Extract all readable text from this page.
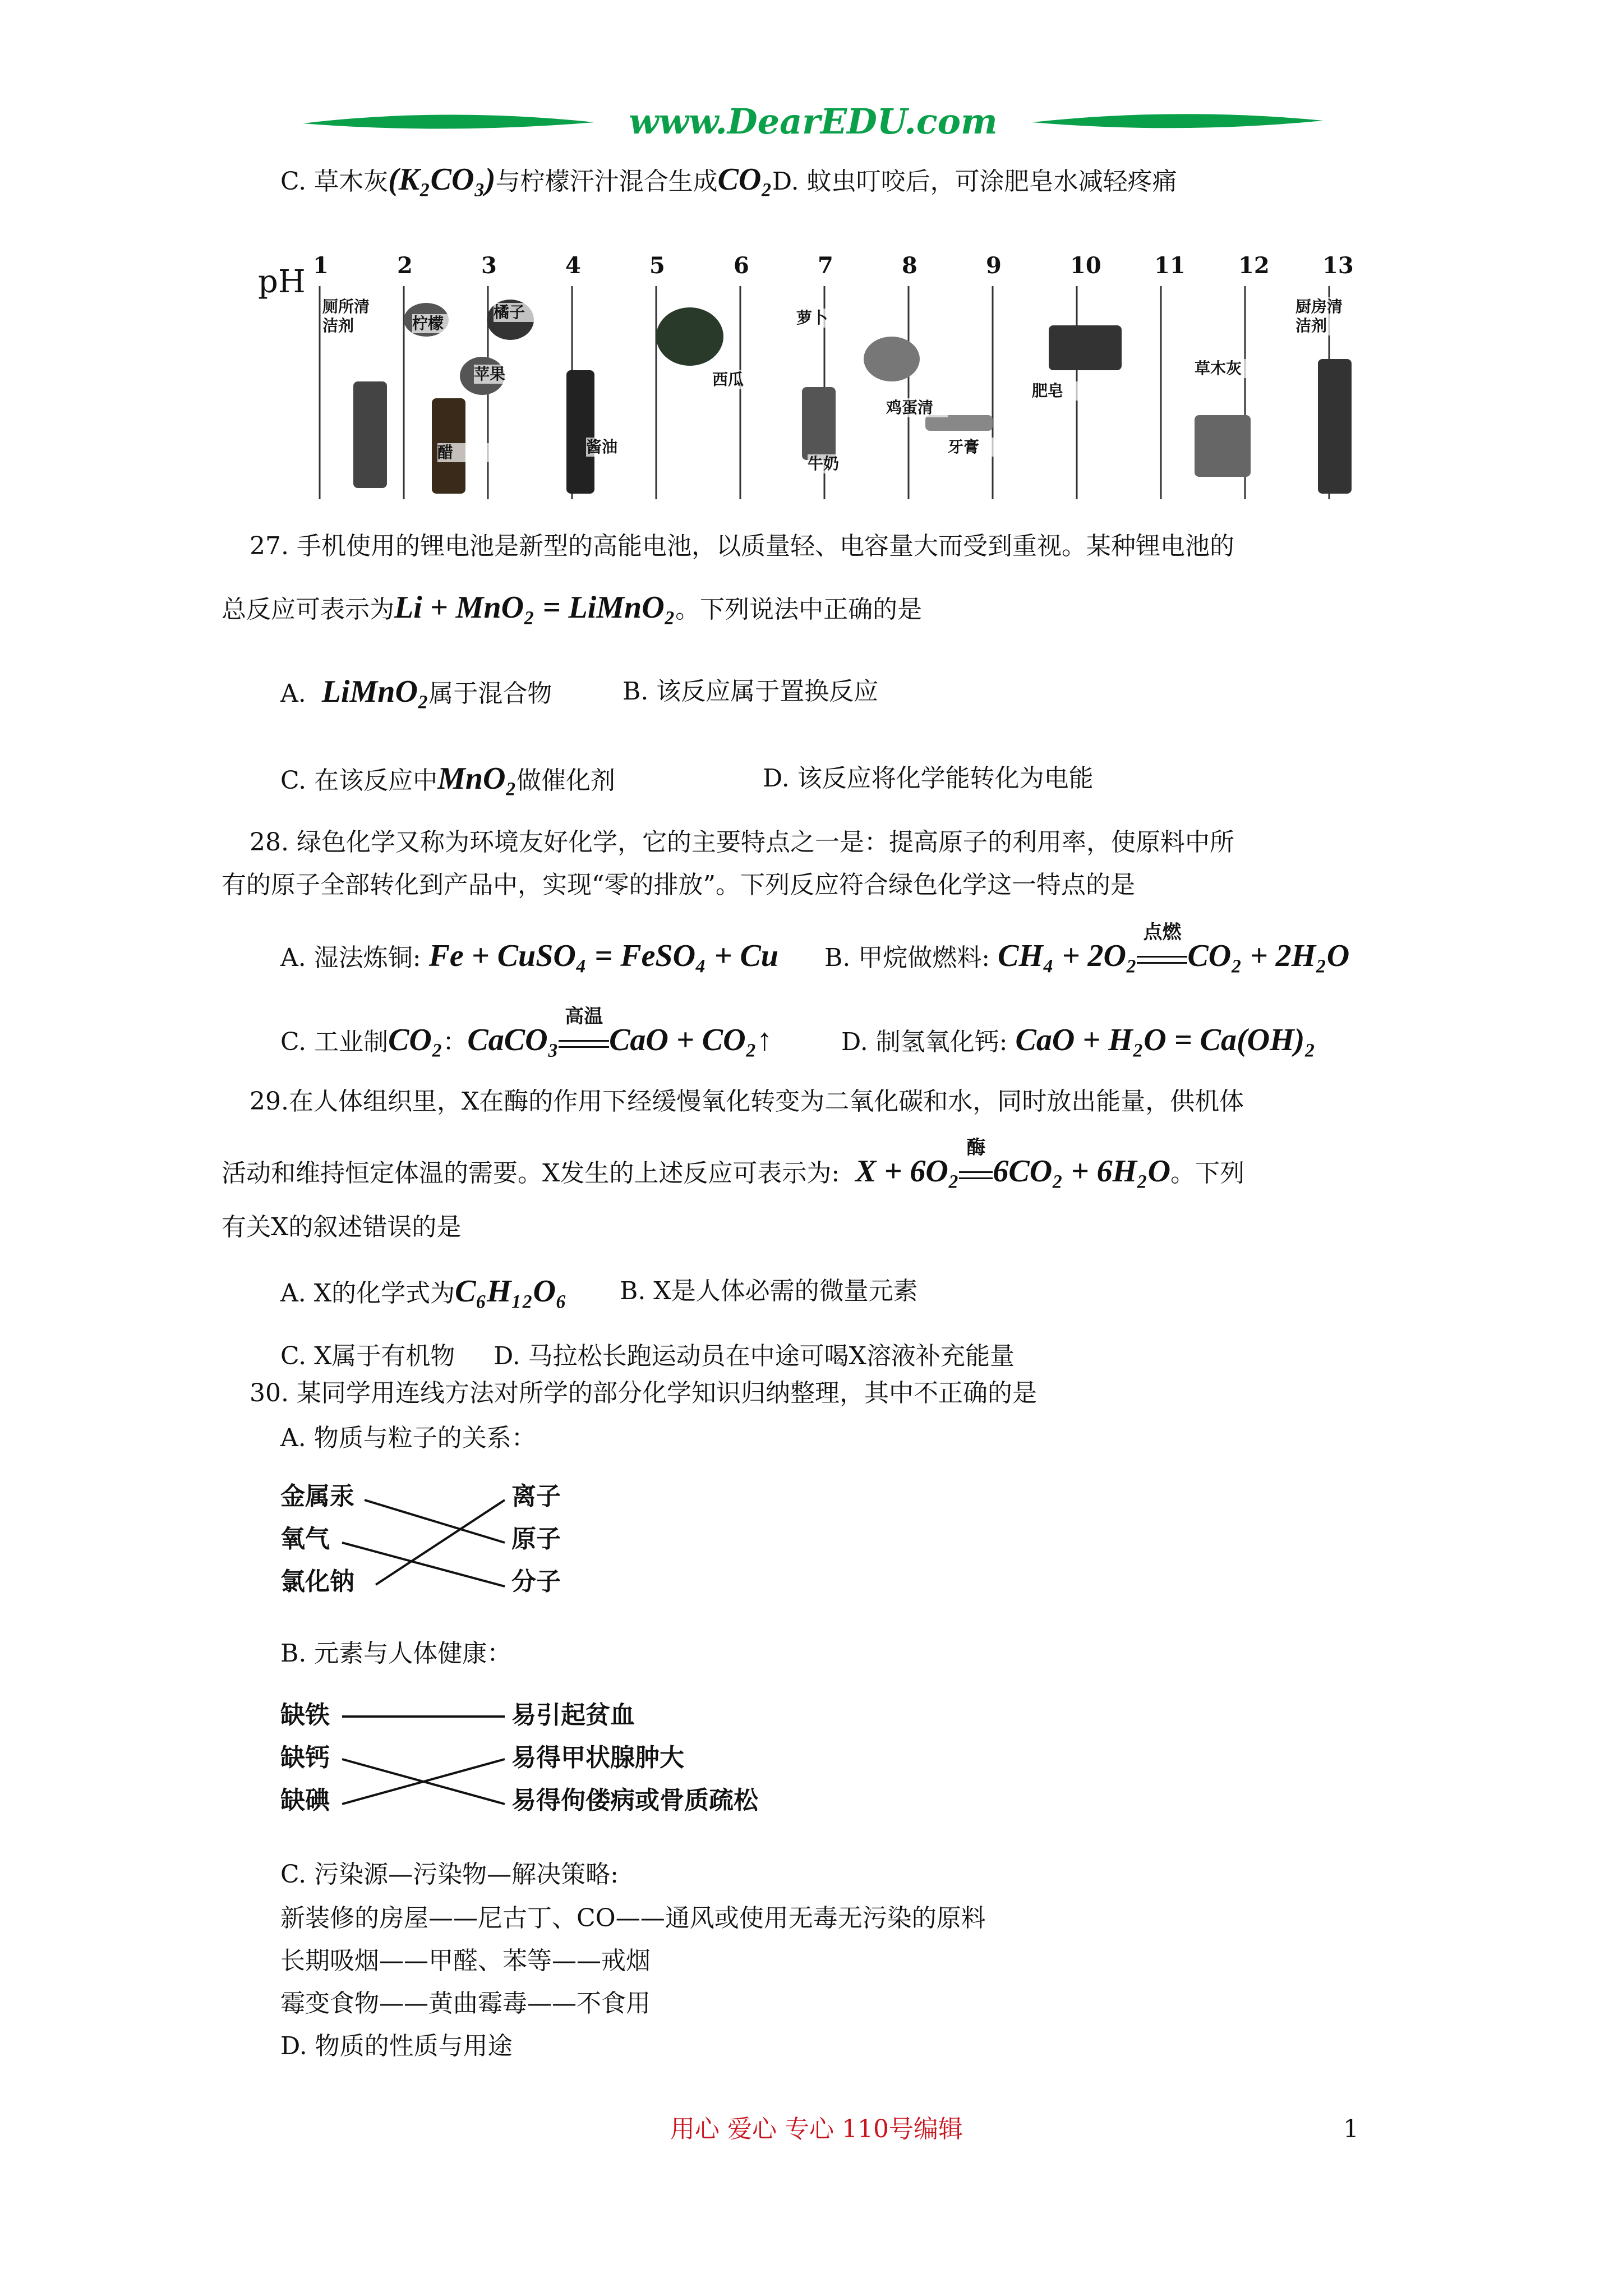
www.DearEDU.com
C. 草木灰(K₂CO₃)与柠檬汗汁混合生成CO₂D. 蚊虫叮咬后，可涂肥皂水减轻疼痛
pH 1	2	3	4	5	6	7	8	9	10 11 12 13
厕所清洁剂	柠檬
橘子
苹果
醋	酱油
西瓜
萝卜
牛奶
鸡蛋清
牙膏
肥皂
草木灰
厨房清洁剂
27. 手机使用的锂电池是新型的高能电池，以质量轻、电容量大而受到重视。某种锂电池的
总反应可表示为Li + MnO₂ = LiMnO₂。下列说法中正确的是
A. LiMnO₂属于混合物	B. 该反应属于置换反应
C. 在该反应中MnO₂做催化剂	D. 该反应将化学能转化为电能
28. 绿色化学又称为环境友好化学，它的主要特点之一是：提高原子的利用率，使原料中所
有的原子全部转化到产品中，实现“零的排放”。下列反应符合绿色化学这一特点的是
A. 湿法炼铜: Fe + CuSO₄ = FeSO₄ + Cu B. 甲烷做燃料: CH₄ + 2O₂
点燃
CO₂ + 2H₂O
C. 工业制CO₂：CaCO₃
高温
CaO + CO₂↑	D. 制氢氧化钙: CaO + H₂O = Ca(OH)₂
29.在人体组织里，X在酶的作用下经缓慢氧化转变为二氧化碳和水，同时放出能量，供机体
活动和维持恒定体温的需要。X发生的上述反应可表示为: X + 6O₂
酶
6CO₂ + 6H₂O。下列
有关X的叙述错误的是
A. X的化学式为C₆H₁₂O₆ B. X是人体必需的微量元素
C. X属于有机物 D. 马拉松长跑运动员在中途可喝X溶液补充能量
30. 某同学用连线方法对所学的部分化学知识归纳整理，其中不正确的是
A. 物质与粒子的关系：
金属汞
氧气
氯化钠
离子
原子
分子
B. 元素与人体健康：
缺铁
缺钙
缺碘
易引起贫血
易得甲状腺肿大
易得佝偻病或骨质疏松
C. 污染源—污染物—解决策略:
新装修的房屋——尼古丁、CO——通风或使用无毒无污染的原料
长期吸烟——甲醛、苯等——戒烟
霉变食物——黄曲霉毒——不食用
D. 物质的性质与用途
用心 爱心 专心 110号编辑	1
